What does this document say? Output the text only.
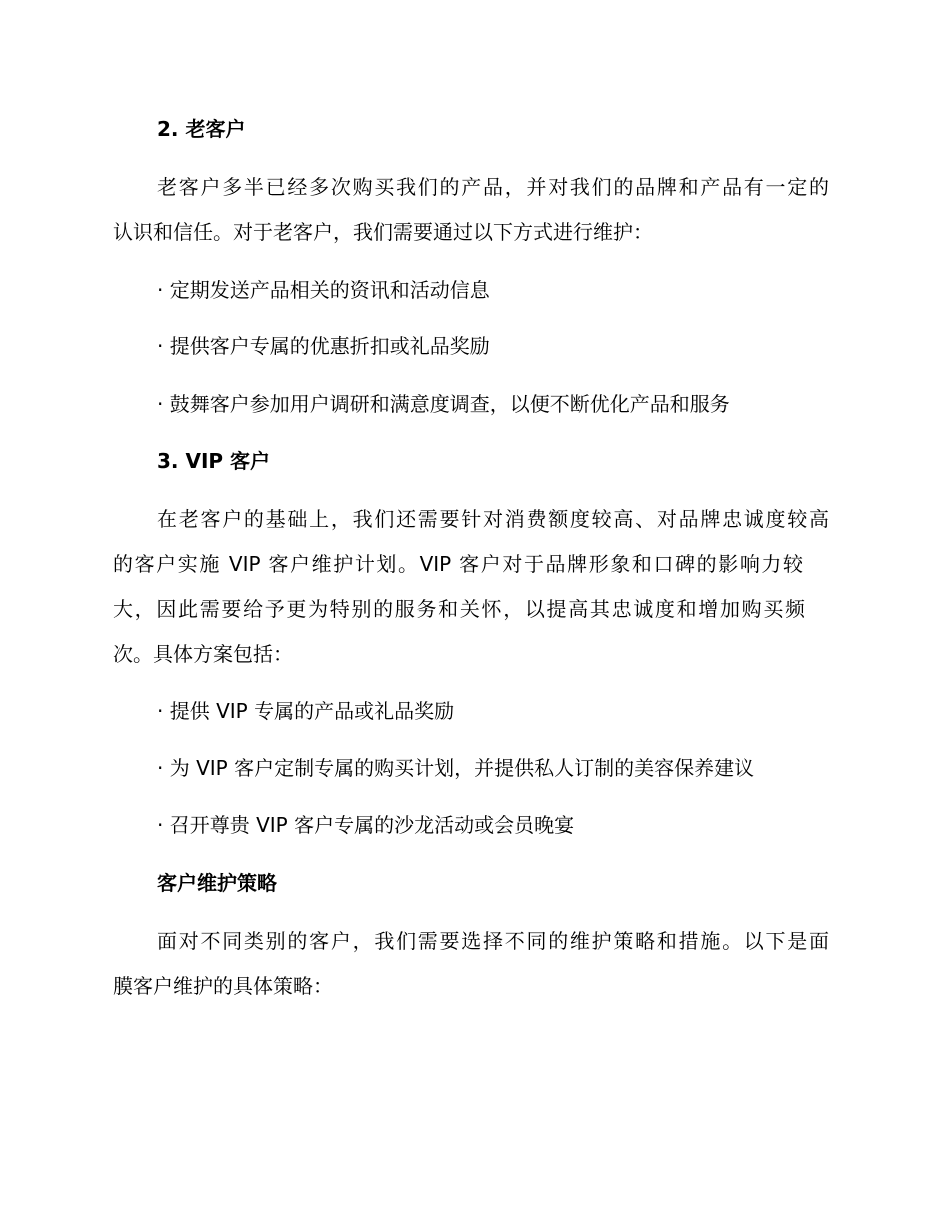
2. 老客户

老客户多半已经多次购买我们的产品，并对我们的品牌和产品有一定的

认识和信任。对于老客户，我们需要通过以下方式进行维护：

· 定期发送产品相关的资讯和活动信息

· 提供客户专属的优惠折扣或礼品奖励

· 鼓舞客户参加用户调研和满意度调查，以便不断优化产品和服务

3. VIP 客户

在老客户的基础上，我们还需要针对消费额度较高、对品牌忠诚度较高

的客户实施 VIP 客户维护计划。VIP 客户对于品牌形象和口碑的影响力较

大，因此需要给予更为特别的服务和关怀，以提高其忠诚度和增加购买频

次。具体方案包括：

· 提供 VIP 专属的产品或礼品奖励

· 为 VIP 客户定制专属的购买计划，并提供私人订制的美容保养建议

· 召开尊贵 VIP 客户专属的沙龙活动或会员晚宴

客户维护策略

面对不同类别的客户，我们需要选择不同的维护策略和措施。以下是面

膜客户维护的具体策略：
